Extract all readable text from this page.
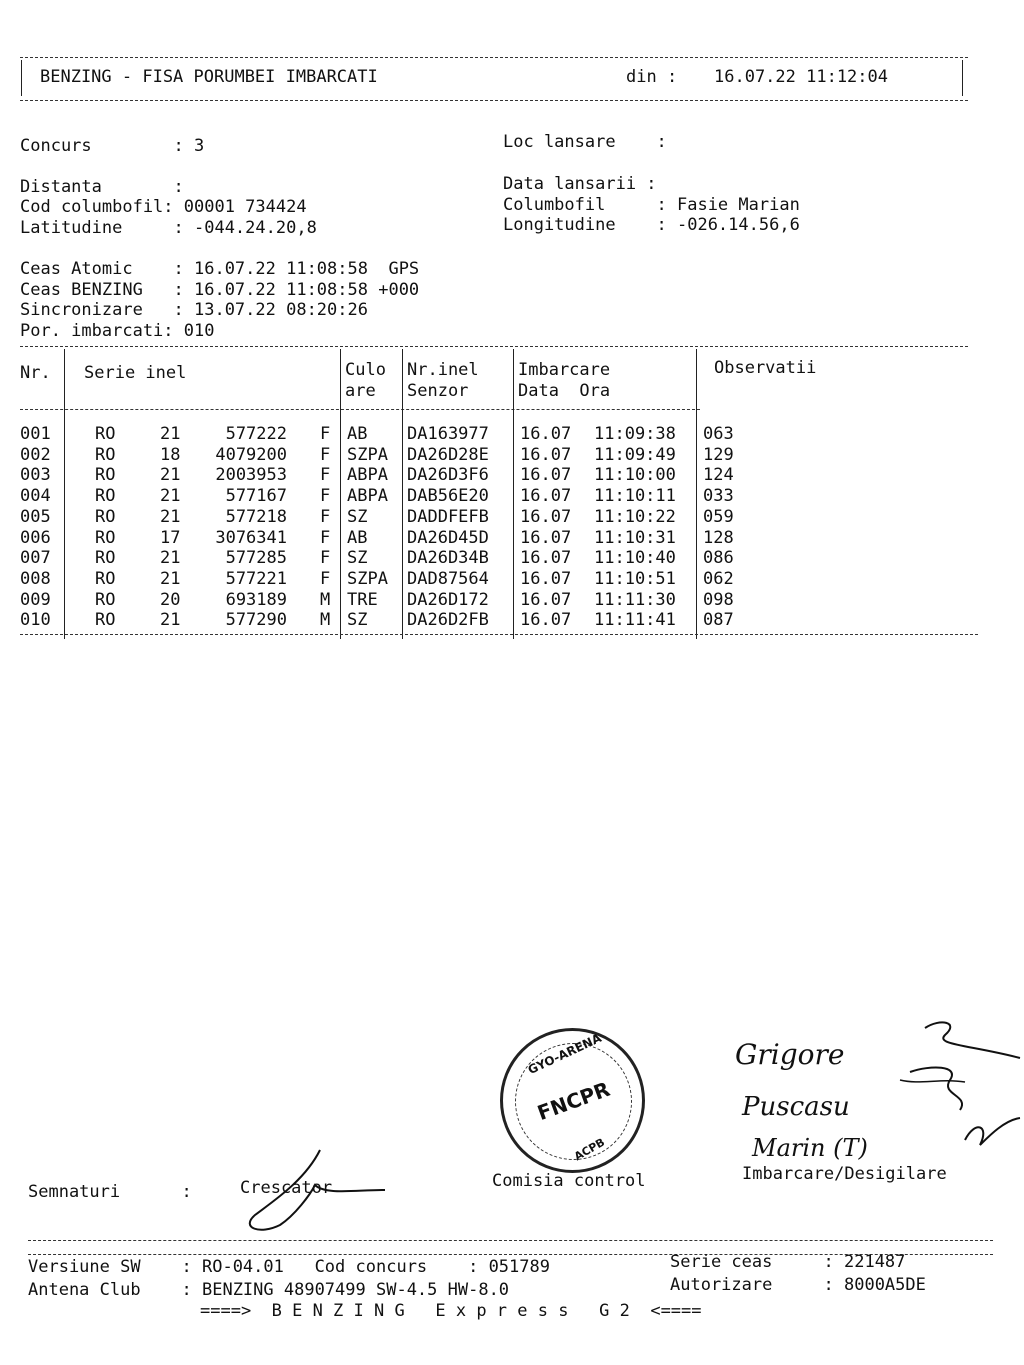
BENZING - FISA PORUMBEI IMBARCATI	din : 16.07.22 11:12:04
Concurs        : 3	Loc lansare    :
Distanta       :	Data lansarii :
Cod columbofil: 00001 734424	Columbofil     : Fasie Marian
Latitudine     : -044.24.20,8	Longitudine    : -026.14.56,6
Ceas Atomic    : 16.07.22 11:08:58  GPS
Ceas BENZING   : 16.07.22 11:08:58 +000
Sincronizare   : 13.07.22 08:20:26
Por. imbarcati: 010
Nr. Serie inel	Culo
are
Nr.inel
Senzor
Imbarcare
Data  Ora
Observatii
001	RO	21	577222 F AB DA163977 16.07 11:09:38 063
002	RO	18	4079200 F SZPA DA26D28E 16.07 11:09:49 129
003	RO	21	2003953 F ABPA DA26D3F6 16.07 11:10:00 124
004	RO	21	577167 F ABPA DAB56E20 16.07 11:10:11 033
005	RO	21	577218 F SZ DADDFEFB 16.07 11:10:22 059
006	RO	17	3076341 F AB DA26D45D 16.07 11:10:31 128
007	RO	21	577285 F SZ DA26D34B 16.07 11:10:40 086
008	RO	21	577221 F SZPA DAD87564 16.07 11:10:51 062
009	RO	20	693189 M TRE DA26D172 16.07 11:11:30 098
010	RO	21	577290 M SZ DA26D2FB 16.07 11:11:41 087
Semnaturi      :	Crescator
GYO-ARENA
FNCPR
ACPB
Comisia control
Grigore
Puscasu
Marin (T)
Imbarcare/Desigilare
Versiune SW    : RO-04.01   Cod concurs    : 051789	Serie ceas     : 221487
Antena Club    : BENZING 48907499 SW-4.5 HW-8.0	Autorizare     : 8000A5DE
====>  B E N Z I N G   E x p r e s s   G 2  <====
